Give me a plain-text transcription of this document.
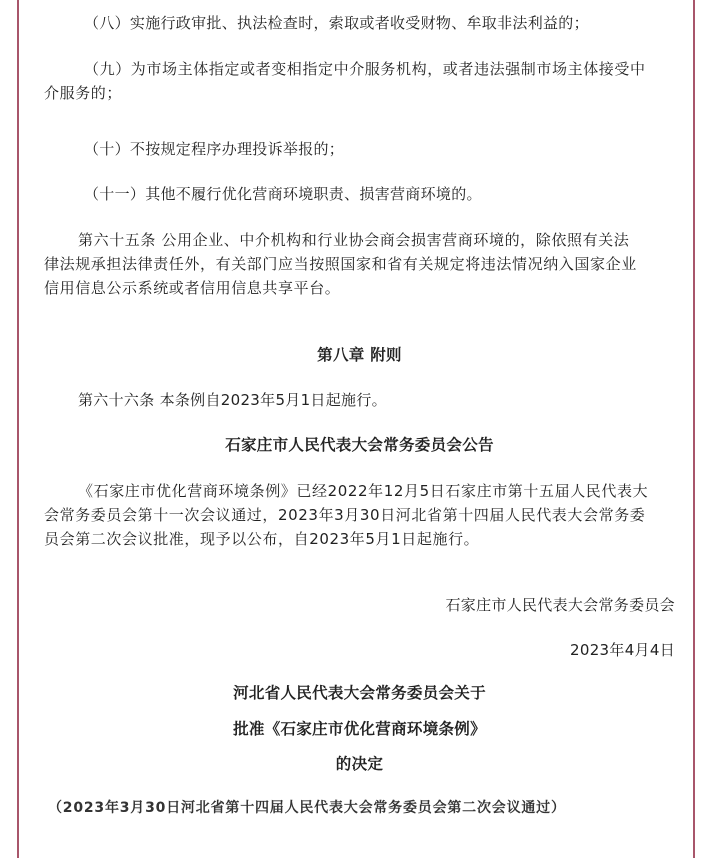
（八）实施行政审批、执法检查时，索取或者收受财物、牟取非法利益的；
（九）为市场主体指定或者变相指定中介服务机构，或者违法强制市场主体接受中
介服务的；
（十）不按规定程序办理投诉举报的；
（十一）其他不履行优化营商环境职责、损害营商环境的。
第六十五条 公用企业、中介机构和行业协会商会损害营商环境的，除依照有关法
律法规承担法律责任外，有关部门应当按照国家和省有关规定将违法情况纳入国家企业
信用信息公示系统或者信用信息共享平台。
第八章 附则
第六十六条 本条例自2023年5月1日起施行。
石家庄市人民代表大会常务委员会公告
《石家庄市优化营商环境条例》已经2022年12月5日石家庄市第十五届人民代表大
会常务委员会第十一次会议通过，2023年3月30日河北省第十四届人民代表大会常务委
员会第二次会议批准，现予以公布，自2023年5月1日起施行。
石家庄市人民代表大会常务委员会
2023年4月4日
河北省人民代表大会常务委员会关于
批准《石家庄市优化营商环境条例》
的决定
（2023年3月30日河北省第十四届人民代表大会常务委员会第二次会议通过）
